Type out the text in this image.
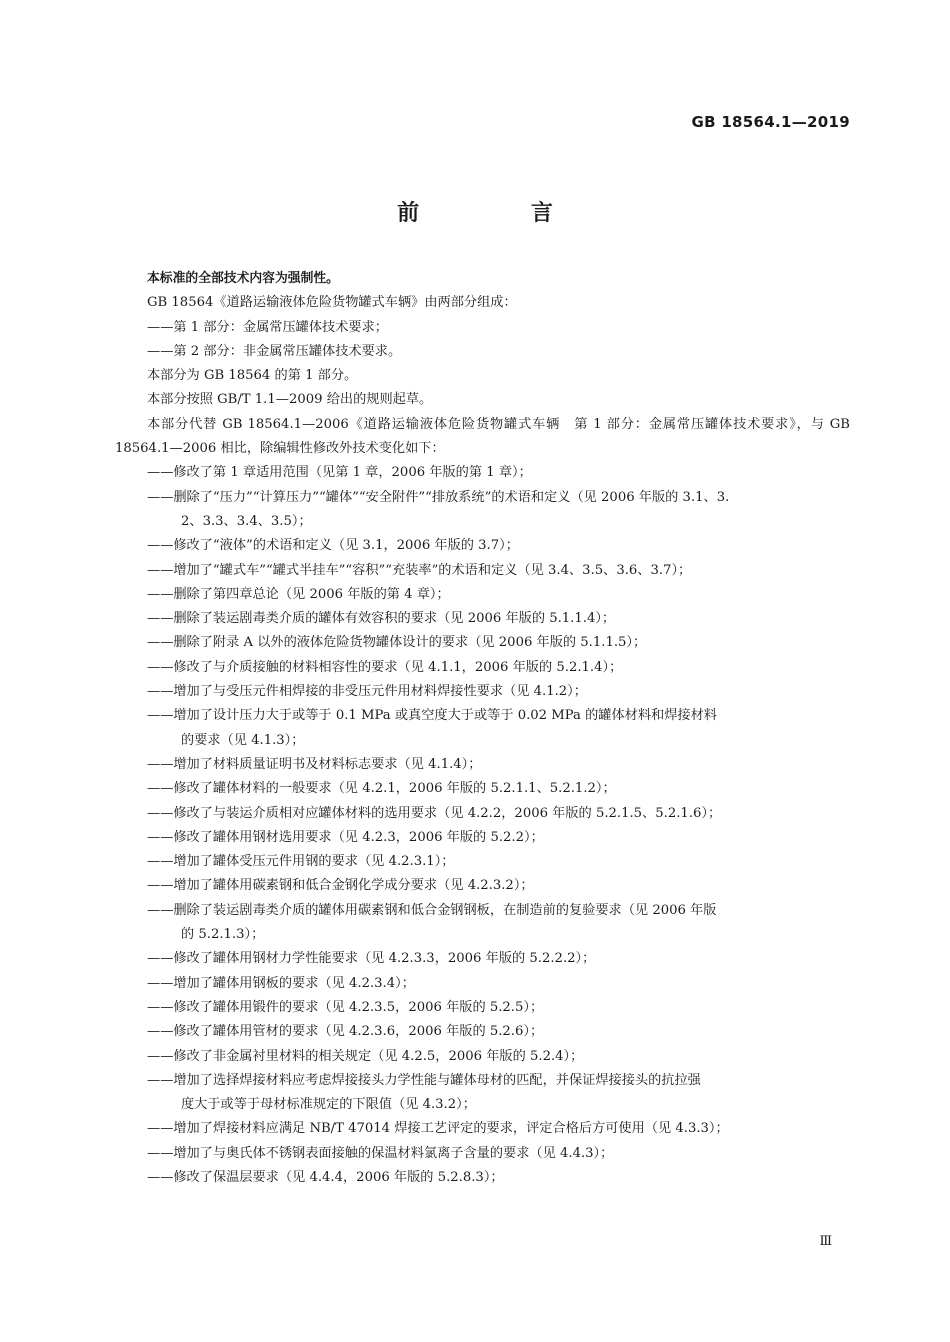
GB 18564.1—2019
前 言
本标准的全部技术内容为强制性。
GB 18564《道路运输液体危险货物罐式车辆》由两部分组成：
——第 1 部分：金属常压罐体技术要求；
——第 2 部分：非金属常压罐体技术要求。
本部分为 GB 18564 的第 1 部分。
本部分按照 GB/T 1.1—2009 给出的规则起草。
本部分代替 GB 18564.1—2006《道路运输液体危险货物罐式车辆　第 1 部分：金属常压罐体技术要求》，与 GB 18564.1—2006 相比，除编辑性修改外技术变化如下：
——修改了第 1 章适用范围（见第 1 章，2006 年版的第 1 章）；
——删除了“压力”“计算压力”“罐体”“安全附件”“排放系统”的术语和定义（见 2006 年版的 3.1、3.
2、3.3、3.4、3.5）；
——修改了“液体”的术语和定义（见 3.1，2006 年版的 3.7）；
——增加了“罐式车”“罐式半挂车”“容积”“充装率”的术语和定义（见 3.4、3.5、3.6、3.7）；
——删除了第四章总论（见 2006 年版的第 4 章）；
——删除了装运剧毒类介质的罐体有效容积的要求（见 2006 年版的 5.1.1.4）；
——删除了附录 A 以外的液体危险货物罐体设计的要求（见 2006 年版的 5.1.1.5）；
——修改了与介质接触的材料相容性的要求（见 4.1.1，2006 年版的 5.2.1.4）；
——增加了与受压元件相焊接的非受压元件用材料焊接性要求（见 4.1.2）；
——增加了设计压力大于或等于 0.1 MPa 或真空度大于或等于 0.02 MPa 的罐体材料和焊接材料
的要求（见 4.1.3）；
——增加了材料质量证明书及材料标志要求（见 4.1.4）；
——修改了罐体材料的一般要求（见 4.2.1，2006 年版的 5.2.1.1、5.2.1.2）；
——修改了与装运介质相对应罐体材料的选用要求（见 4.2.2，2006 年版的 5.2.1.5、5.2.1.6）；
——修改了罐体用钢材选用要求（见 4.2.3，2006 年版的 5.2.2）；
——增加了罐体受压元件用钢的要求（见 4.2.3.1）；
——增加了罐体用碳素钢和低合金钢化学成分要求（见 4.2.3.2）；
——删除了装运剧毒类介质的罐体用碳素钢和低合金钢钢板，在制造前的复验要求（见 2006 年版
的 5.2.1.3）；
——修改了罐体用钢材力学性能要求（见 4.2.3.3，2006 年版的 5.2.2.2）；
——增加了罐体用钢板的要求（见 4.2.3.4）；
——修改了罐体用锻件的要求（见 4.2.3.5，2006 年版的 5.2.5）；
——修改了罐体用管材的要求（见 4.2.3.6，2006 年版的 5.2.6）；
——修改了非金属衬里材料的相关规定（见 4.2.5，2006 年版的 5.2.4）；
——增加了选择焊接材料应考虑焊接接头力学性能与罐体母材的匹配，并保证焊接接头的抗拉强
度大于或等于母材标准规定的下限值（见 4.3.2）；
——增加了焊接材料应满足 NB/T 47014 焊接工艺评定的要求，评定合格后方可使用（见 4.3.3）；
——增加了与奥氏体不锈钢表面接触的保温材料氯离子含量的要求（见 4.4.3）；
——修改了保温层要求（见 4.4.4，2006 年版的 5.2.8.3）；
Ⅲ
